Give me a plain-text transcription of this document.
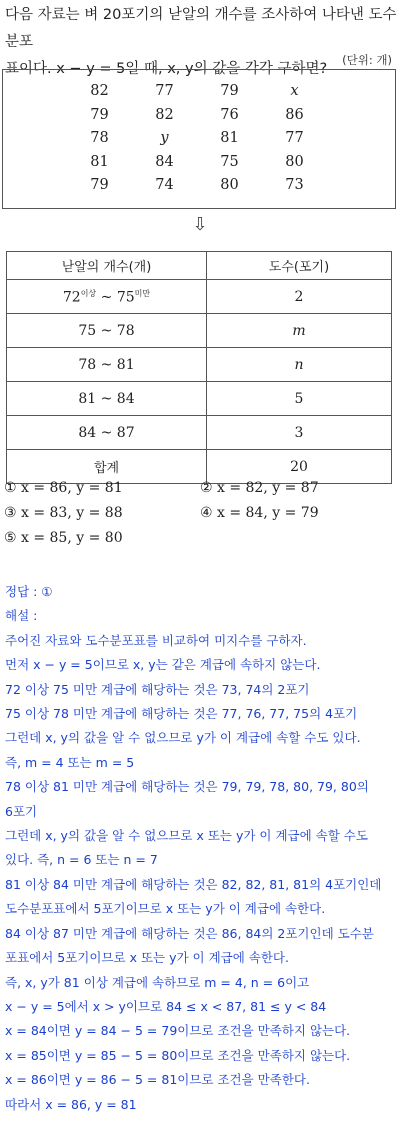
다음 자료는 벼 20포기의 낟알의 개수를 조사하여 나타낸 도수분포
표이다. x − y = 5일 때, x, y의 값을 각각 구하면?
(단위: 개)
82	77	79	x
79	82	76	86
78	y	81	77
81	84	75	80
79	74	80	73
⇩
낟알의 개수(개)	도수(포기)
$72^{이상}$ ~ $75^{미만}$	2
75 ~ 78	m
78 ~ 81	n
81 ~ 84	5
84 ~ 87	3
합계	20
① x = 86, y = 81	② x = 82, y = 87
③ x = 83, y = 88	④ x = 84, y = 79
⑤ x = 85, y = 80
정답 : ①
해설 :
주어진 자료와 도수분포표를 비교하여 미지수를 구하자.
먼저 x − y = 5이므로 x, y는 같은 계급에 속하지 않는다.
72 이상 75 미만 계급에 해당하는 것은 73, 74의 2포기
75 이상 78 미만 계급에 해당하는 것은 77, 76, 77, 75의 4포기
그런데 x, y의 값을 알 수 없으므로 y가 이 계급에 속할 수도 있다.
즉, m = 4 또는 m = 5
78 이상 81 미만 계급에 해당하는 것은 79, 79, 78, 80, 79, 80의
6포기
그런데 x, y의 값을 알 수 없으므로 x 또는 y가 이 계급에 속할 수도
있다. 즉, n = 6 또는 n = 7
81 이상 84 미만 계급에 해당하는 것은 82, 82, 81, 81의 4포기인데
도수분포표에서 5포기이므로 x 또는 y가 이 계급에 속한다.
84 이상 87 미만 계급에 해당하는 것은 86, 84의 2포기인데 도수분
포표에서 5포기이므로 x 또는 y가 이 계급에 속한다.
즉, x, y가 81 이상 계급에 속하므로 m = 4, n = 6이고
x − y = 5에서 x > y이므로 84 ≤ x < 87, 81 ≤ y < 84
x = 84이면 y = 84 − 5 = 79이므로 조건을 만족하지 않는다.
x = 85이면 y = 85 − 5 = 80이므로 조건을 만족하지 않는다.
x = 86이면 y = 86 − 5 = 81이므로 조건을 만족한다.
따라서 x = 86, y = 81
